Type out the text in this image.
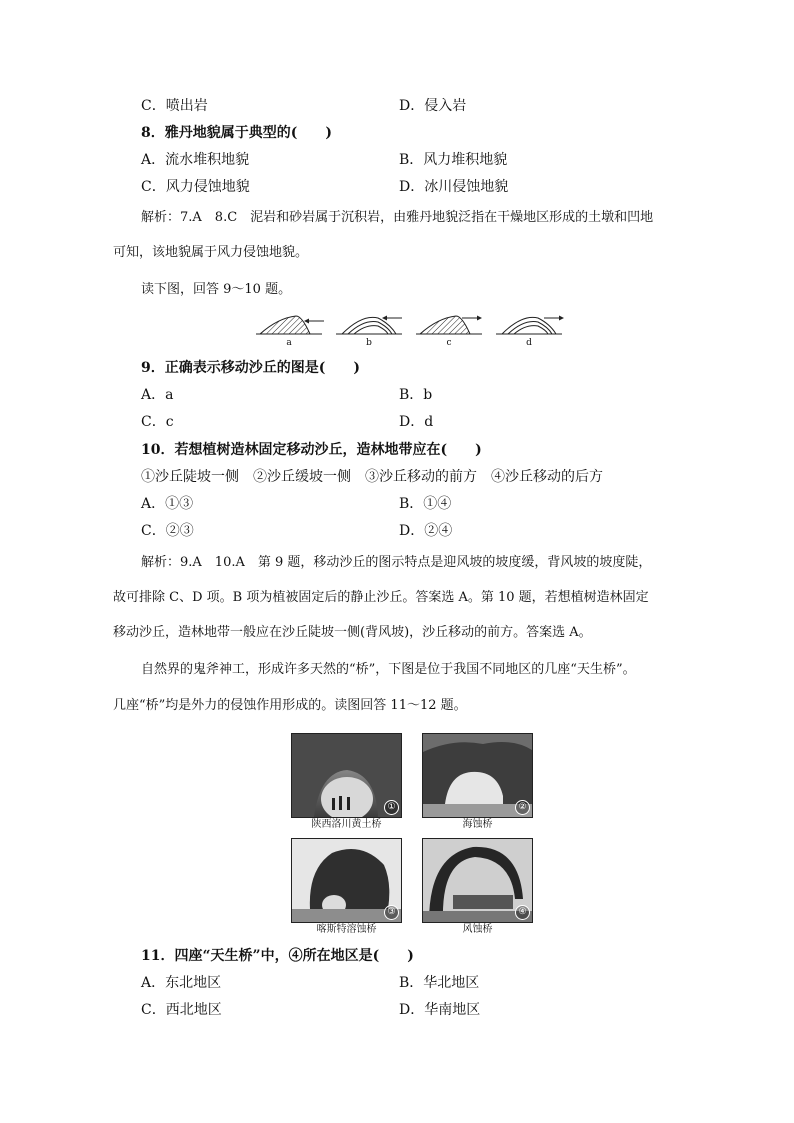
C．喷出岩	D．侵入岩
8．雅丹地貌属于典型的(　　)
A．流水堆积地貌	B．风力堆积地貌
C．风力侵蚀地貌	D．冰川侵蚀地貌
解析：7.A　8.C　泥岩和砂岩属于沉积岩，由雅丹地貌泛指在干燥地区形成的土墩和凹地
可知，该地貌属于风力侵蚀地貌。
读下图，回答 9～10 题。
a	b	c	d
9．正确表示移动沙丘的图是(　　)
A．a	B．b
C．c	D．d
10．若想植树造林固定移动沙丘，造林地带应在(　　)
①沙丘陡坡一侧　②沙丘缓坡一侧　③沙丘移动的前方　④沙丘移动的后方
A．①③	B．①④
C．②③	D．②④
解析：9.A　10.A　第 9 题，移动沙丘的图示特点是迎风坡的坡度缓，背风坡的坡度陡，
故可排除 C、D 项。B 项为植被固定后的静止沙丘。答案选 A。第 10 题，若想植树造林固定
移动沙丘，造林地带一般应在沙丘陡坡一侧(背风坡)，沙丘移动的前方。答案选 A。
自然界的鬼斧神工，形成许多天然的“桥”，下图是位于我国不同地区的几座“天生桥”。
几座“桥”均是外力的侵蚀作用形成的。读图回答 11～12 题。
①
陕西洛川黄土桥
②
海蚀桥
③
喀斯特溶蚀桥
④
风蚀桥
11．四座“天生桥”中，④所在地区是(　　)
A．东北地区	B．华北地区
C．西北地区	D．华南地区
